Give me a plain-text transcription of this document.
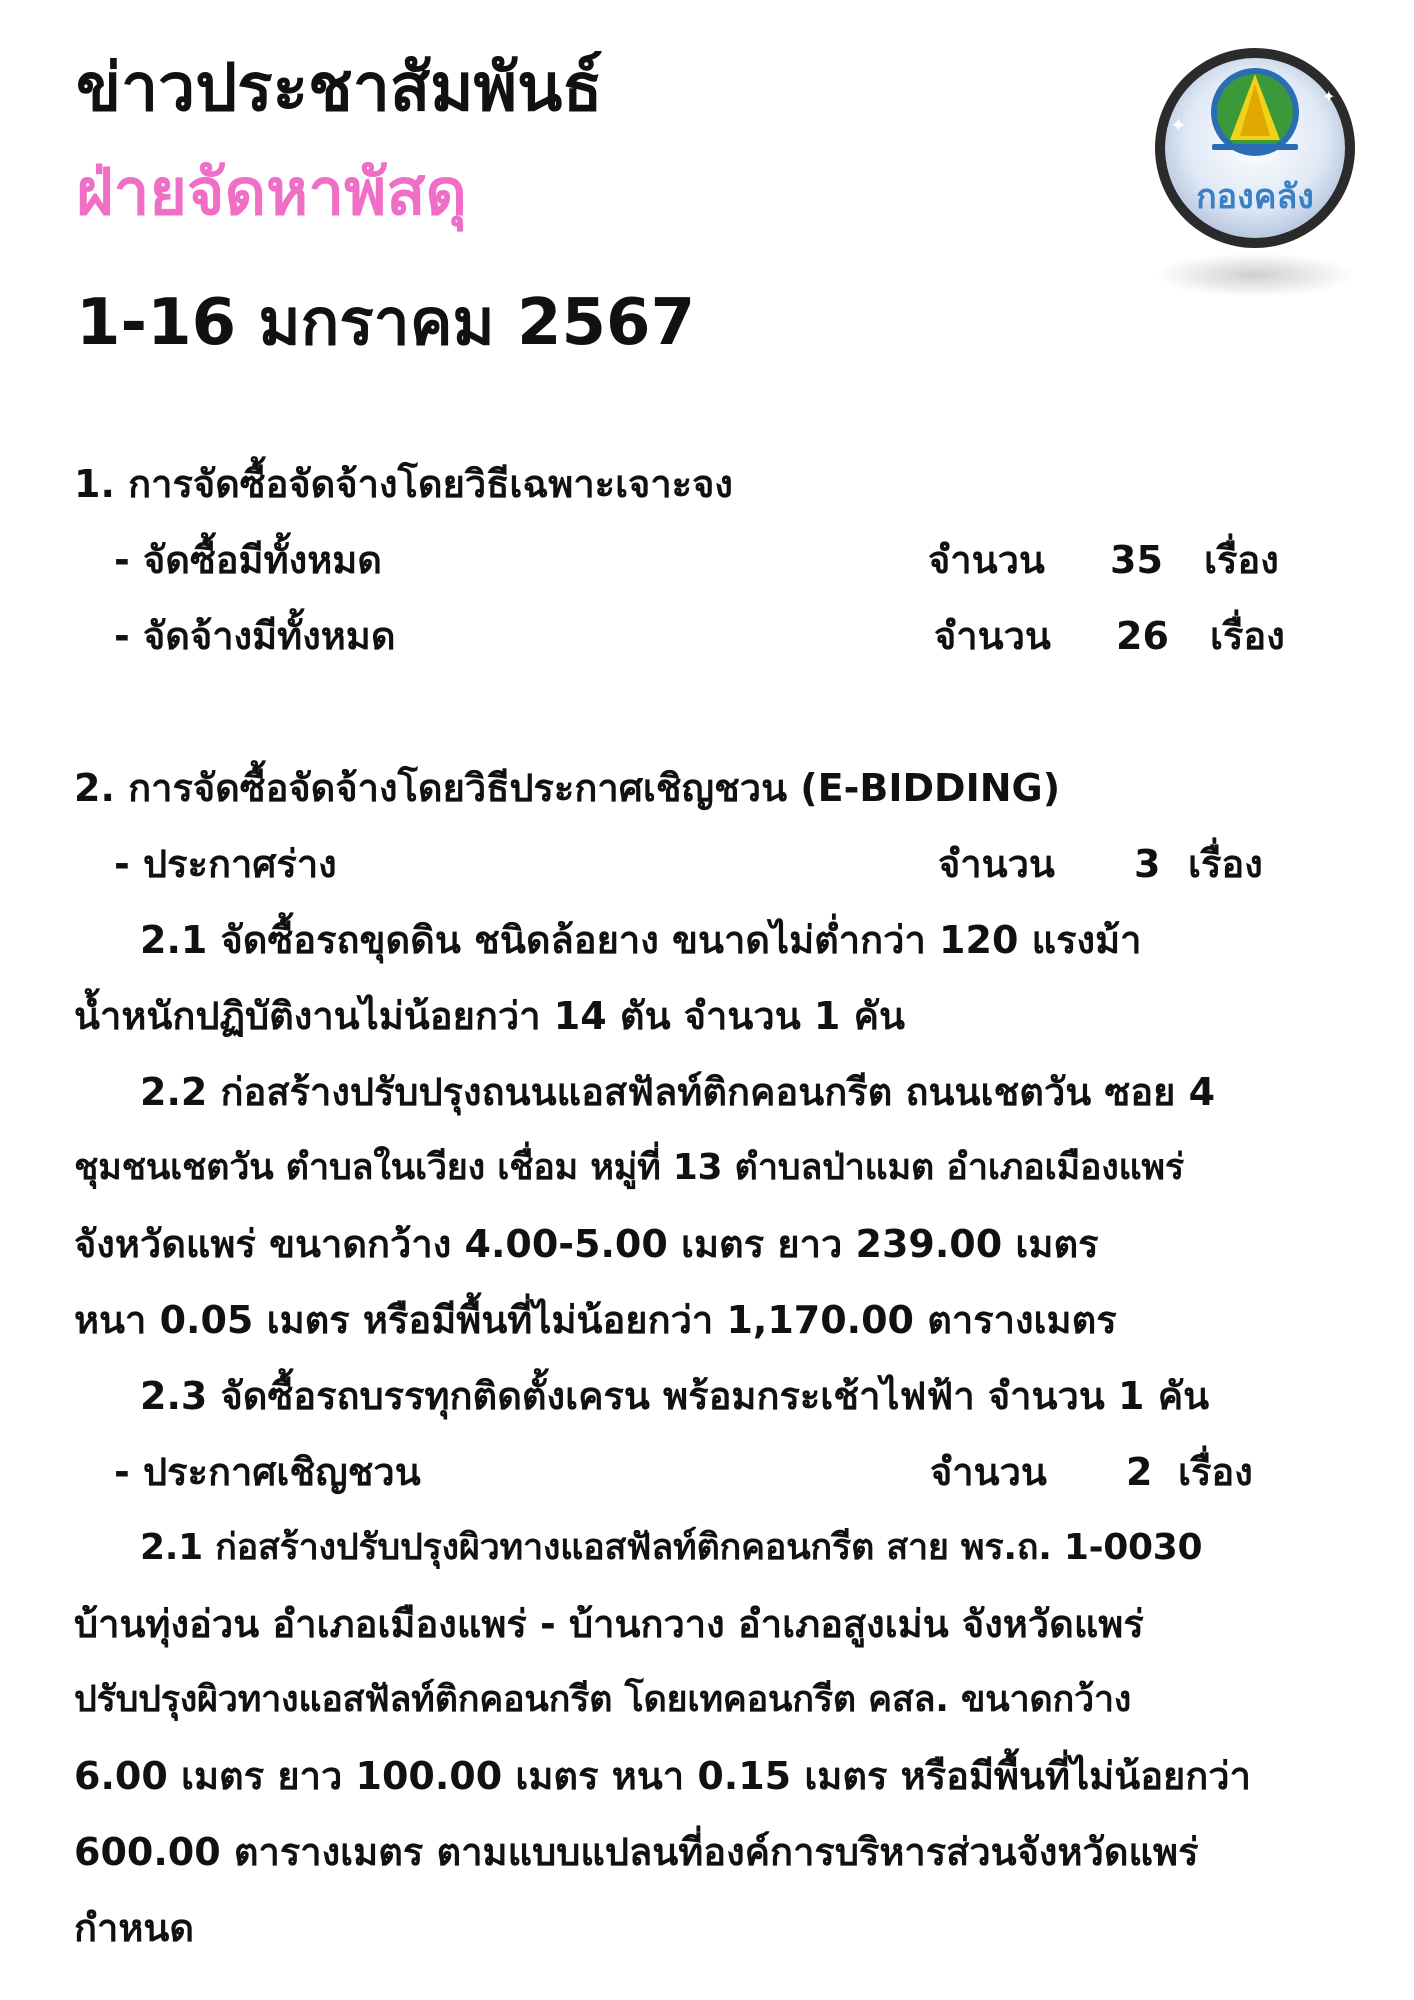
ข่าวประชาสัมพันธ์
ฝ่ายจัดหาพัสดุ
1-16 มกราคม 2567
✦
✦
กองคลัง
1. การจัดซื้อจัดจ้างโดยวิธีเฉพาะเจาะจง
- จัดซื้อมีทั้งหมด	จำนวน 35 เรื่อง
- จัดจ้างมีทั้งหมด	จำนวน 26 เรื่อง
2. การจัดซื้อจัดจ้างโดยวิธีประกาศเชิญชวน (E-BIDDING)
- ประกาศร่าง	จำนวน 3 เรื่อง
2.1 จัดซื้อรถขุดดิน ชนิดล้อยาง ขนาดไม่ต่ำกว่า 120 แรงม้า
น้ำหนักปฏิบัติงานไม่น้อยกว่า 14 ตัน จำนวน 1 คัน
2.2 ก่อสร้างปรับปรุงถนนแอสฟัลท์ติกคอนกรีต ถนนเชตวัน ซอย 4
ชุมชนเชตวัน ตำบลในเวียง เชื่อม หมู่ที่ 13 ตำบลป่าแมต อำเภอเมืองแพร่
จังหวัดแพร่ ขนาดกว้าง 4.00-5.00 เมตร ยาว 239.00 เมตร
หนา 0.05 เมตร หรือมีพื้นที่ไม่น้อยกว่า 1,170.00 ตารางเมตร
2.3 จัดซื้อรถบรรทุกติดตั้งเครน พร้อมกระเช้าไฟฟ้า จำนวน 1 คัน
- ประกาศเชิญชวน	จำนวน 2 เรื่อง
2.1 ก่อสร้างปรับปรุงผิวทางแอสฟัลท์ติกคอนกรีต สาย พร.ถ. 1-0030
บ้านทุ่งอ่วน อำเภอเมืองแพร่ - บ้านกวาง อำเภอสูงเม่น จังหวัดแพร่
ปรับปรุงผิวทางแอสฟัลท์ติกคอนกรีต โดยเทคอนกรีต คสล. ขนาดกว้าง
6.00 เมตร ยาว 100.00 เมตร หนา 0.15 เมตร หรือมีพื้นที่ไม่น้อยกว่า
600.00 ตารางเมตร ตามแบบแปลนที่องค์การบริหารส่วนจังหวัดแพร่
กำหนด
